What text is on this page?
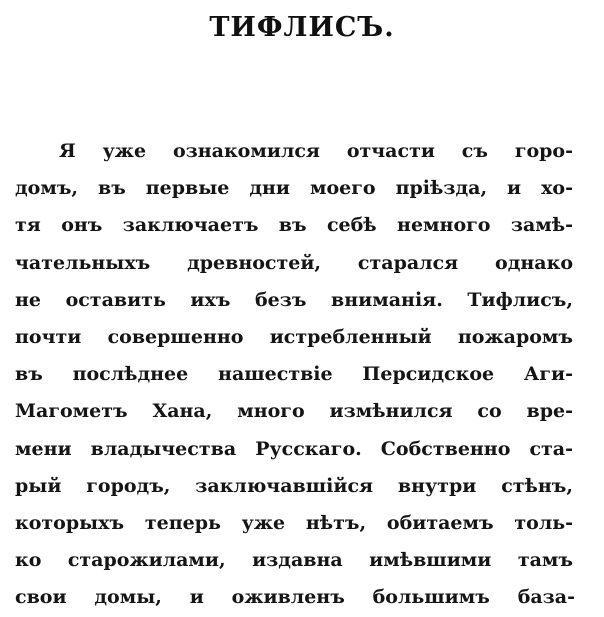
ТИФЛИСЪ.
Я уже ознакомился отчасти съ горо-
домъ, въ первые дни моего прiѣзда, и хо-
тя онъ заключаетъ въ себѣ немного замѣ-
чательныхъ древностей, старался однако
не оставить ихъ безъ вниманiя. Тифлисъ,
почти совершенно истребленный пожаромъ
въ послѣднее нашествiе Персидское Аги-
Магометъ Хана, много измѣнился со вре-
мени владычества Русскаго. Собственно ста-
рый городъ, заключавшiйся внутри стѣнъ,
которыхъ теперь уже нѣтъ, обитаемъ толь-
ко старожилами, издавна имѣвшими тамъ
свои домы, и оживленъ большимъ база-
